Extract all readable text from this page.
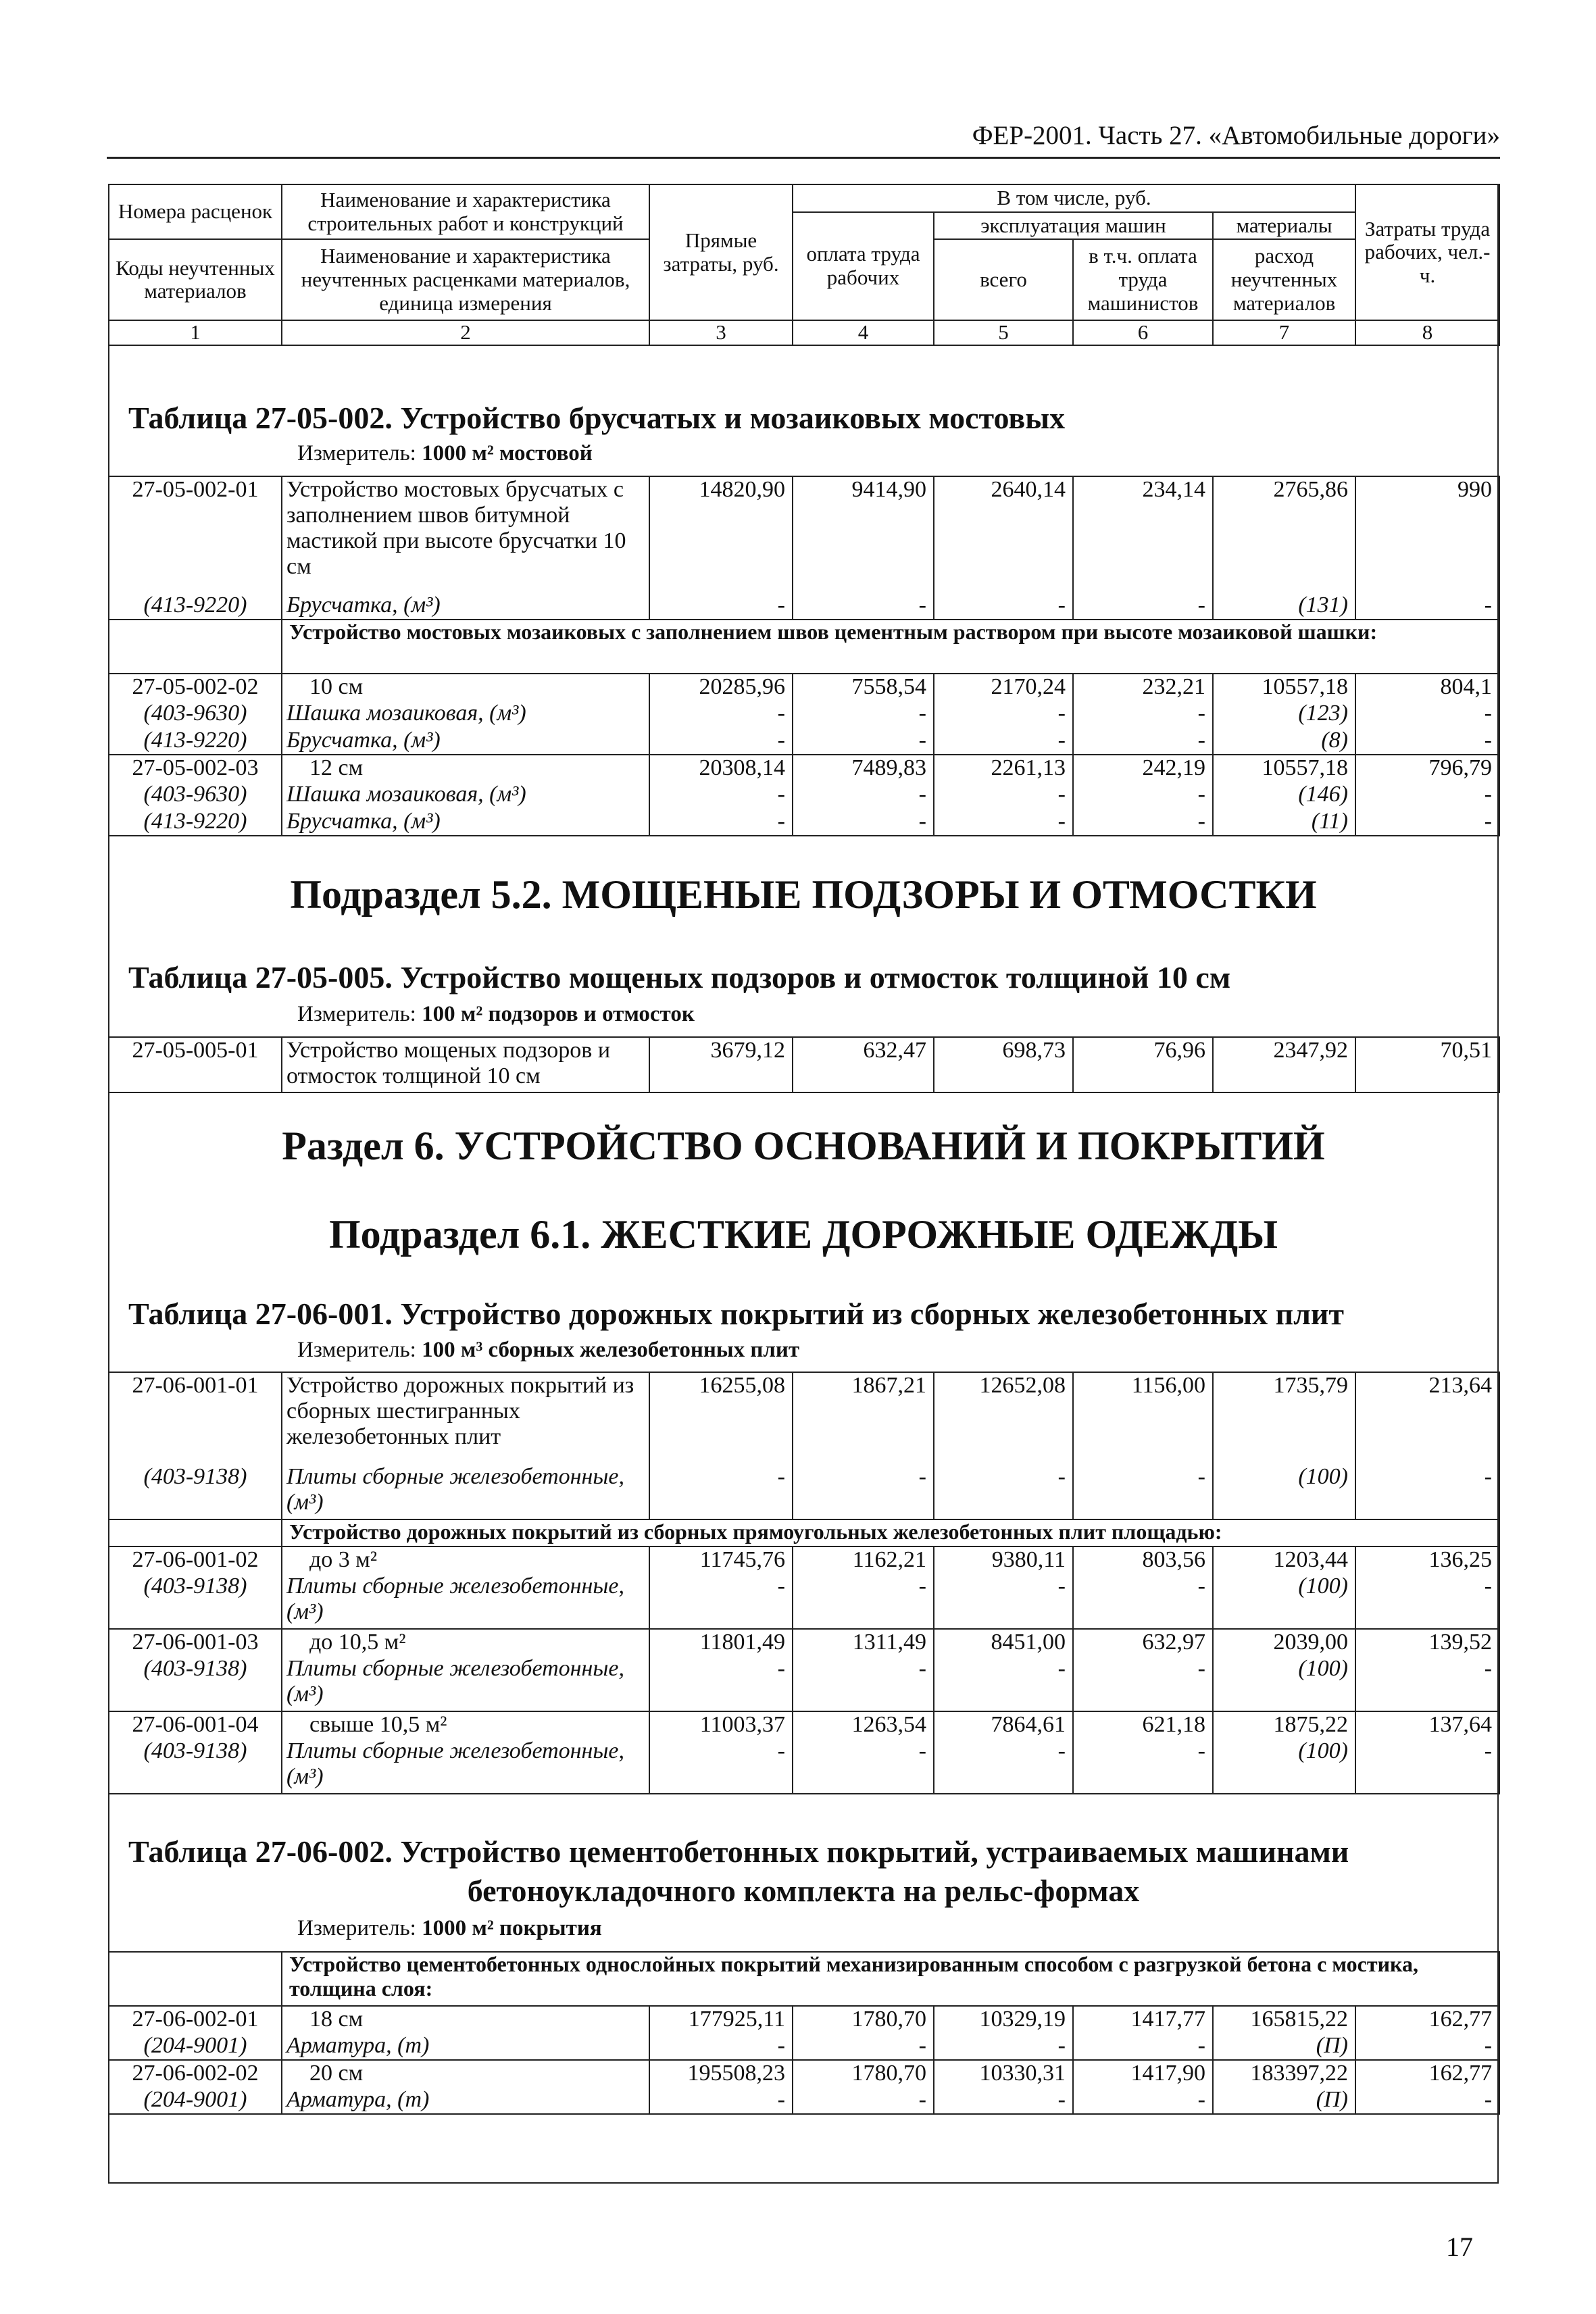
ФЕР-2001. Часть 27. «Автомобильные дороги»
Номера расценок	Наименование и характеристика строительных работ и конструкций	Прямые затраты, руб.	В том числе, руб.				Затраты труда рабочих, чел.-ч.
			оплата труда рабочих	эксплуатация машин		материалы	
Коды неучтенных материалов	Наименование и характеристика неучтенных расценками материалов, единица измерения			всего	в т.ч. оплата труда машинистов	расход неучтенных материалов	

1	2	3	4	5	6	7	8
Таблица 27-05-002. Устройство брусчатых и мозаиковых мостовых
Измеритель: 1000 м² мостовой
27-05-002-01	Устройство мостовых брусчатых с заполнением швов битумной мастикой при высоте брусчатки 10 см	14820,90	9414,90	2640,14	234,14	2765,86	990
(413-9220)	Брусчатка, (м³)	-	-	-	-	(131)	-
	Устройство мостовых мозаиковых с заполнением швов цементным раствором при высоте мозаиковой шашки:						
27-05-002-02	10 см	20285,96	7558,54	2170,24	232,21	10557,18	804,1
(403-9630)	Шашка мозаиковая, (м³)	-	-	-	-	(123)	-
(413-9220)	Брусчатка, (м³)	-	-	-	-	(8)	-
27-05-002-03	12 см	20308,14	7489,83	2261,13	242,19	10557,18	796,79
(403-9630)	Шашка мозаиковая, (м³)	-	-	-	-	(146)	-
(413-9220)	Брусчатка, (м³)	-	-	-	-	(11)	-
Подраздел 5.2. МОЩЕНЫЕ ПОДЗОРЫ И ОТМОСТКИ
Таблица 27-05-005. Устройство мощеных подзоров и отмосток толщиной 10 см
Измеритель: 100 м² подзоров и отмосток
27-05-005-01	Устройство мощеных подзоров и отмосток толщиной 10 см	3679,12	632,47	698,73	76,96	2347,92	70,51
Раздел 6. УСТРОЙСТВО ОСНОВАНИЙ И ПОКРЫТИЙ
Подраздел 6.1. ЖЕСТКИЕ ДОРОЖНЫЕ ОДЕЖДЫ
Таблица 27-06-001. Устройство дорожных покрытий из сборных железобетонных плит
Измеритель: 100 м³ сборных железобетонных плит
27-06-001-01	Устройство дорожных покрытий из сборных шестигранных железобетонных плит	16255,08	1867,21	12652,08	1156,00	1735,79	213,64
(403-9138)	Плиты сборные железобетонные, (м³)	-	-	-	-	(100)	-
	Устройство дорожных покрытий из сборных прямоугольных железобетонных плит площадью:						
27-06-001-02	до 3 м²	11745,76	1162,21	9380,11	803,56	1203,44	136,25
(403-9138)	Плиты сборные железобетонные, (м³)	-	-	-	-	(100)	-
27-06-001-03	до 10,5 м²	11801,49	1311,49	8451,00	632,97	2039,00	139,52
(403-9138)	Плиты сборные железобетонные, (м³)	-	-	-	-	(100)	-
27-06-001-04	свыше 10,5 м²	11003,37	1263,54	7864,61	621,18	1875,22	137,64
(403-9138)	Плиты сборные железобетонные, (м³)	-	-	-	-	(100)	-
Таблица 27-06-002. Устройство цементобетонных покрытий, устраиваемых машинами
бетоноукладочного комплекта на рельс-формах
Измеритель: 1000 м² покрытия
	Устройство цементобетонных однослойных покрытий механизированным способом с разгрузкой бетона с мостика, толщина слоя:						
27-06-002-01	18 см	177925,11	1780,70	10329,19	1417,77	165815,22	162,77
(204-9001)	Арматура, (т)	-	-	-	-	(П)	-
27-06-002-02	20 см	195508,23	1780,70	10330,31	1417,90	183397,22	162,77
(204-9001)	Арматура, (т)	-	-	-	-	(П)	-
17
